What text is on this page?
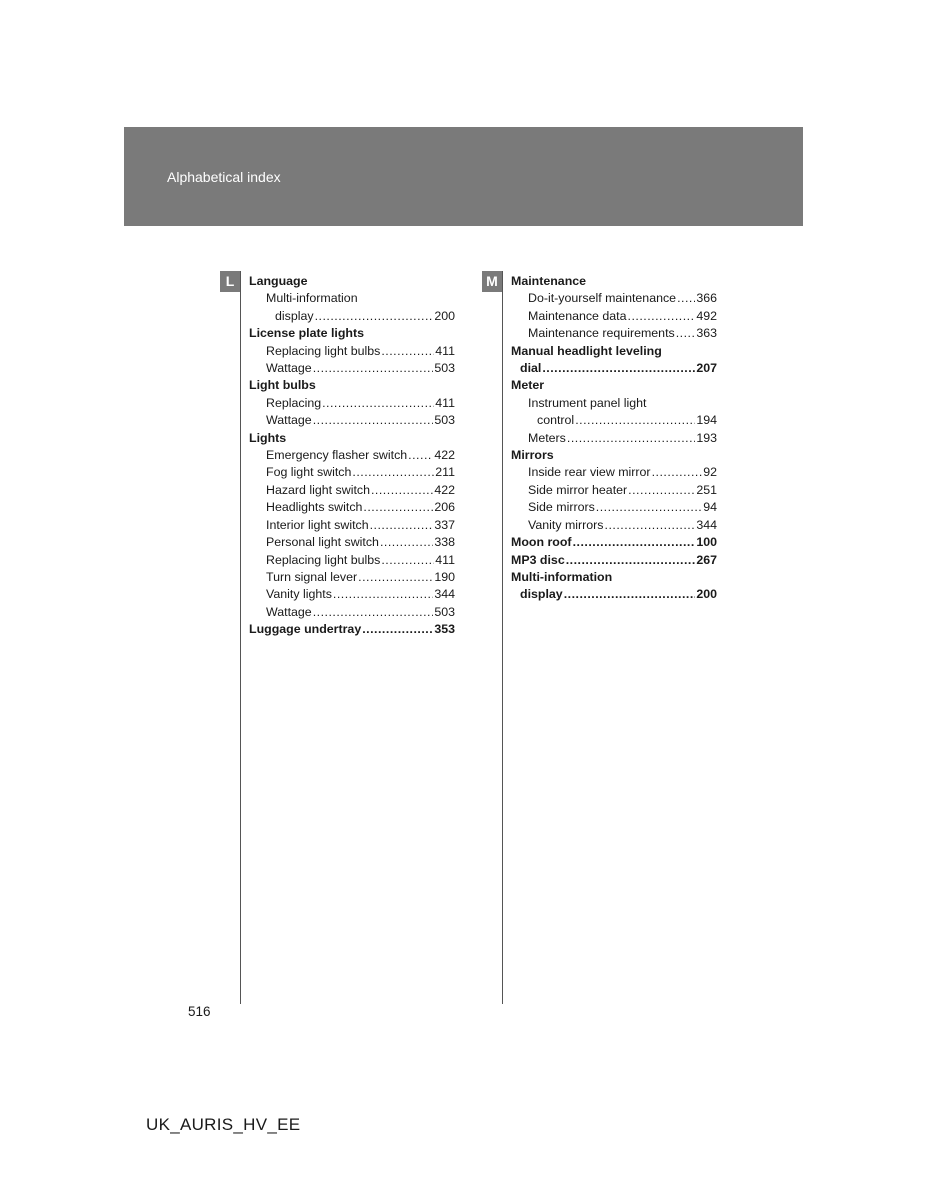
Alphabetical index
L	Language
Multi-information
display .....	200
License plate lights
Replacing light bulbs .....	411
Wattage .....	503
Light bulbs
Replacing .....	411
Wattage .....	503
Lights
Emergency flasher switch ..... 422
Fog light switch .....	211
Hazard light switch .....	422
Headlights switch .....	206
Interior light switch .....	337
Personal light switch .....	338
Replacing light bulbs .....	411
Turn signal lever .....	190
Vanity lights .....	344
Wattage .....	503
Luggage undertray .....	353
M	Maintenance
Do-it-yourself maintenance ..... 366
Maintenance data .....	492
Maintenance requirements ..... 363
Manual headlight leveling
dial .....	207
Meter
Instrument panel light
control .....	194
Meters .....	193
Mirrors
Inside rear view mirror .....	92
Side mirror heater .....	251
Side mirrors .....	94
Vanity mirrors .....	344
Moon roof .....	100
MP3 disc .....	267
Multi-information
display .....	200
516
UK_AURIS_HV_EE
